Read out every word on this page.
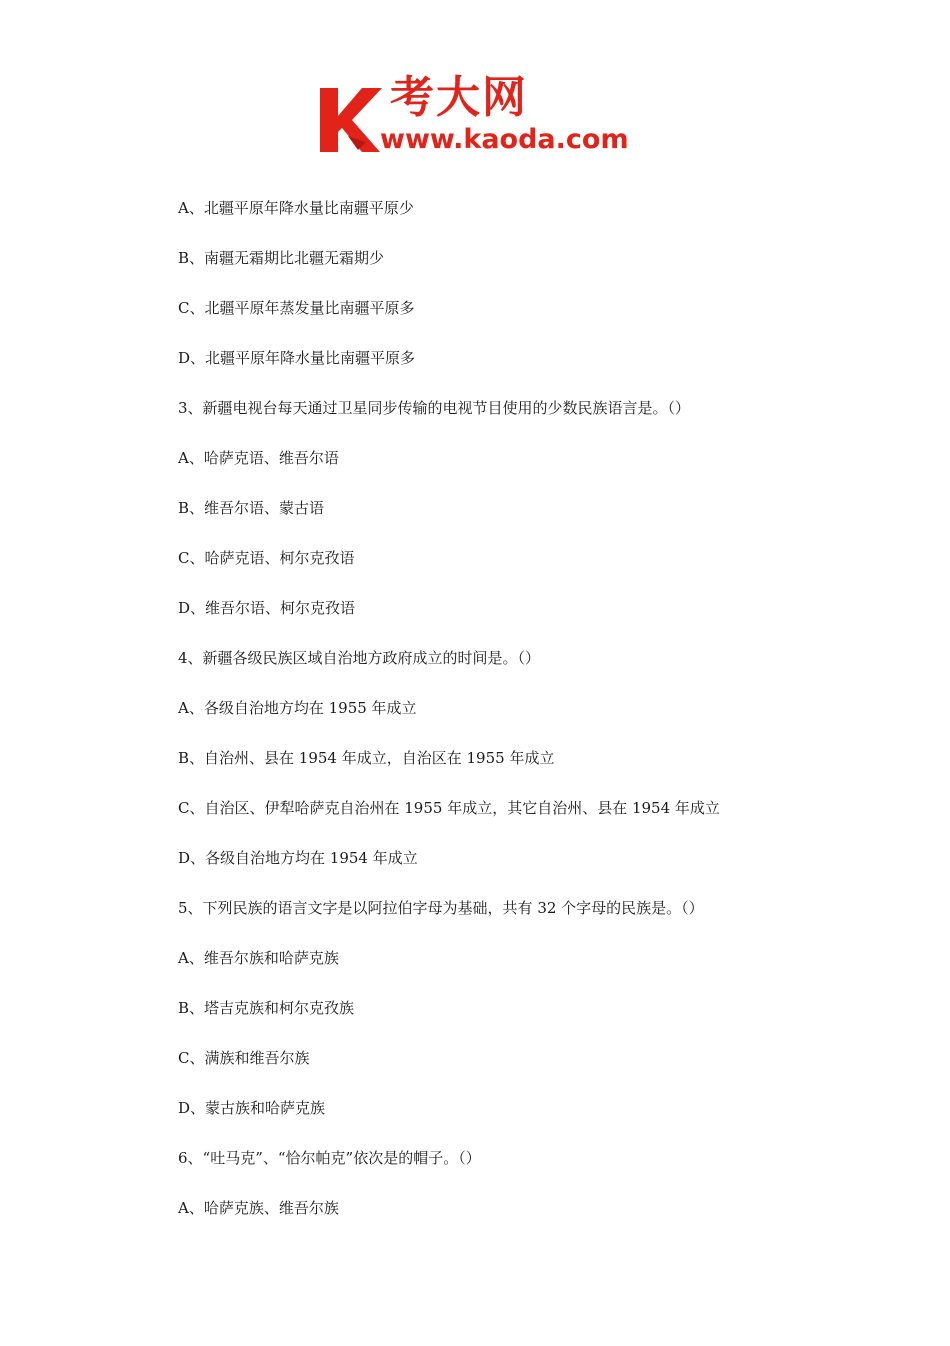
考大网
www.kaoda.com
A、北疆平原年降水量比南疆平原少
B、南疆无霜期比北疆无霜期少
C、北疆平原年蒸发量比南疆平原多
D、北疆平原年降水量比南疆平原多
3、新疆电视台每天通过卫星同步传输的电视节目使用的少数民族语言是。（）
A、哈萨克语、维吾尔语
B、维吾尔语、蒙古语
C、哈萨克语、柯尔克孜语
D、维吾尔语、柯尔克孜语
4、新疆各级民族区域自治地方政府成立的时间是。（）
A、各级自治地方均在 1955 年成立
B、自治州、县在 1954 年成立，自治区在 1955 年成立
C、自治区、伊犁哈萨克自治州在 1955 年成立，其它自治州、县在 1954 年成立
D、各级自治地方均在 1954 年成立
5、下列民族的语言文字是以阿拉伯字母为基础，共有 32 个字母的民族是。（）
A、维吾尔族和哈萨克族
B、塔吉克族和柯尔克孜族
C、满族和维吾尔族
D、蒙古族和哈萨克族
6、“吐马克”、“恰尔帕克”依次是的帽子。（）
A、哈萨克族、维吾尔族
